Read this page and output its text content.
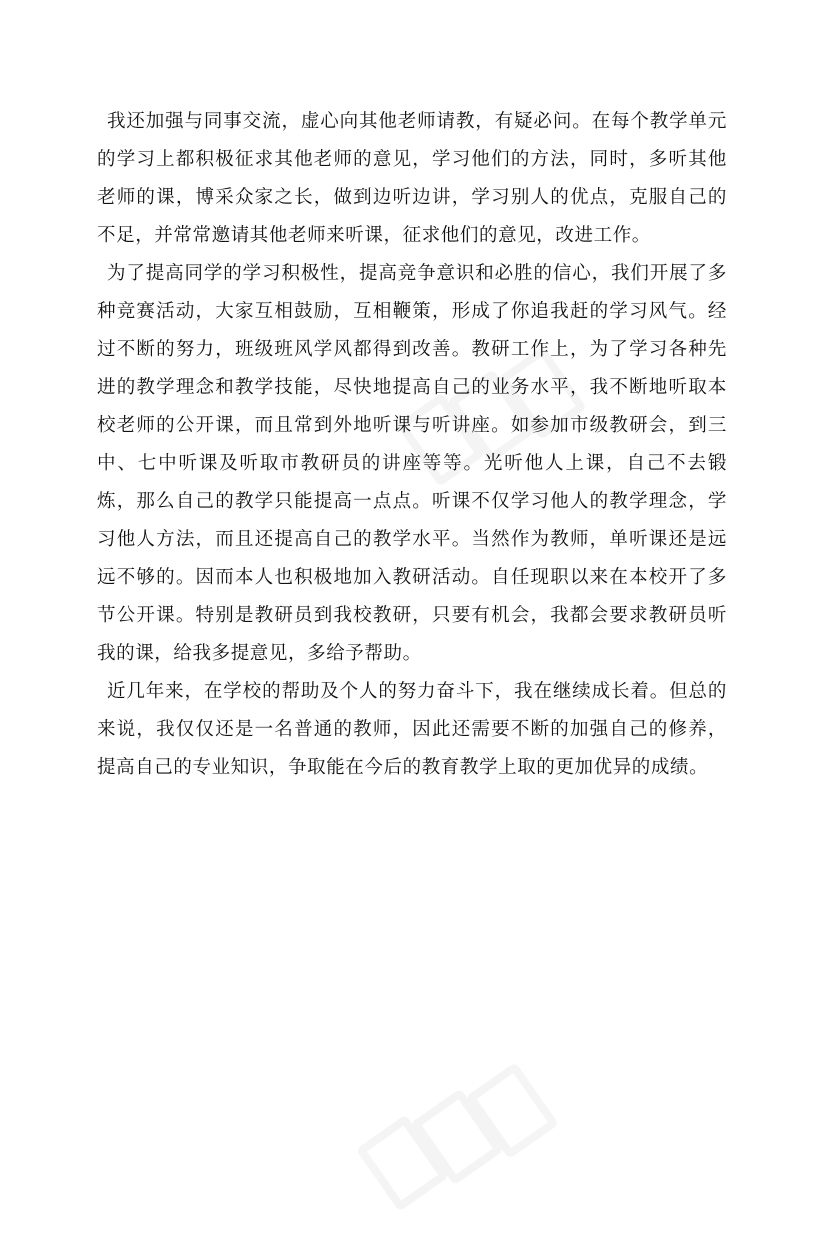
我还加强与同事交流，虚心向其他老师请教，有疑必问。在每个教学单元的学习上都积极征求其他老师的意见，学习他们的方法，同时，多听其他老师的课，博采众家之长，做到边听边讲，学习别人的优点，克服自己的不足，并常常邀请其他老师来听课，征求他们的意见，改进工作。

为了提高同学的学习积极性，提高竞争意识和必胜的信心，我们开展了多种竞赛活动，大家互相鼓励，互相鞭策，形成了你追我赶的学习风气。经过不断的努力，班级班风学风都得到改善。教研工作上，为了学习各种先进的教学理念和教学技能，尽快地提高自己的业务水平，我不断地听取本校老师的公开课，而且常到外地听课与听讲座。如参加市级教研会，到三中、七中听课及听取市教研员的讲座等等。光听他人上课，自己不去锻炼，那么自己的教学只能提高一点点。听课不仅学习他人的教学理念，学习他人方法，而且还提高自己的教学水平。当然作为教师，单听课还是远远不够的。因而本人也积极地加入教研活动。自任现职以来在本校开了多节公开课。特别是教研员到我校教研，只要有机会，我都会要求教研员听我的课，给我多提意见，多给予帮助。

近几年来，在学校的帮助及个人的努力奋斗下，我在继续成长着。但总的来说，我仅仅还是一名普通的教师，因此还需要不断的加强自己的修养，提高自己的专业知识，争取能在今后的教育教学上取的更加优异的成绩。
